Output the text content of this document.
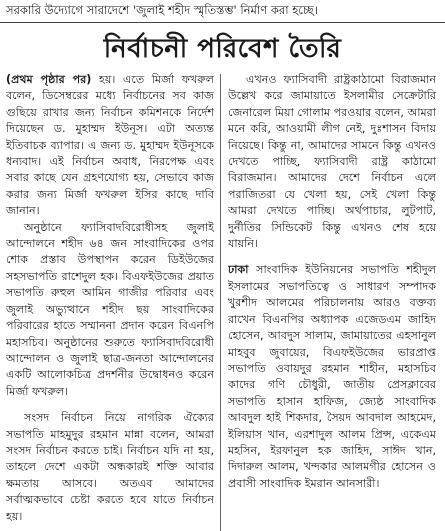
সরকারি উদ্যোগে সারাদেশে 'জুলাই শহীদ স্মৃতিস্তম্ভ' নির্মাণ করা হচ্ছে।
নির্বাচনী পরিবেশ তৈরি

(প্রথম পৃষ্ঠার পর) হয়। এতে মির্জা ফখরুল বলেন, ডিসেম্বরের মধ্যে নির্বাচনের সব কাজ গুছিয়ে রাখার জন্য নির্বাচন কমিশনকে নির্দেশ দিয়েছেন ড. মুহাম্মদ ইউনূস। এটা অত্যন্ত ইতিবাচক ব্যাপার। এ জন্য ড. মুহাম্মদ ইউনূসকে ধন্যবাদ। এই নির্বাচন অবাধ, নিরপেক্ষ এবং সবার কাছে যেন গ্রহণযোগ্য হয়, সেভাবে কাজ করার জন্য মির্জা ফখরুল ইসির কাছে দাবি জানান।

অনুষ্ঠানে ফ্যাসিবাদবিরোধীসহ জুলাই আন্দোলনে শহীদ ৬৪ জন সাংবাদিকের ওপর শোক প্রস্তাব উপস্থাপন করেন ডিইউজের সহসভাপতি রাশেদুল হক। বিএফইউজের প্রয়াত সভাপতি রুহুল আমিন গাজীর পরিবার এবং জুলাই অভ্যুত্থানে শহীদ ছয় সাংবাদিকের পরিবারের হাতে সম্মাননা প্রদান করেন বিএনপি মহাসচিব। অনুষ্ঠানের শুরুতে ফ্যাসিবাদবিরোধী আন্দোলন ও জুলাই ছাত্র-জনতা আন্দোলনের একটি আলোকচিত্র প্রদর্শনীর উদ্বোধনও করেন মির্জা ফখরুল।

সংসদ নির্বাচন নিয়ে নাগরিক ঐক্যের সভাপতি মাহমুদুর রহমান মান্না বলেন, আমরা সংসদ নির্বাচন করতে চাই। নির্বাচন যদি না হয়, তাহলে দেশে একটা অন্ধকারই শক্তি আবার ক্ষমতায় আসবে। অতএব আমাদের সর্বাত্মকভাবে চেষ্টা করতে হবে যাতে নির্বাচন হয়।

এখনও ফ্যাসিবাদী রাষ্ট্রকাঠামো বিরাজমান উল্লেখ করে জামায়াতে ইসলামীর সেক্রেটারি জেনারেল মিয়া গোলাম পরওয়ার বলেন, আমরা মনে করি, আওয়ামী লীগ নেই, দুঃশাসন বিদায় নিয়েছে। কিন্তু না, আমাদের সামনে কিন্তু এখনও দেখতে পাচ্ছি, ফ্যাসিবাদী রাষ্ট্র কাঠামো বিরাজমান। আমাদের দেশে নির্বাচন এলে পরাজিতরা যে খেলা হয়, সেই খেলা কিন্তু আমরা দেখতে পাচ্ছি। অর্থপাচার, লুটপাট, দুর্নীতির সিন্ডিকেট কিন্তু এখনও শেষ হয়ে যায়নি।

ঢাকা সাংবাদিক ইউনিয়নের সভাপতি শহীদুল ইসলামের সভাপতিত্বে ও সাধারণ সম্পাদক খুরশীদ আলমের পরিচালনায় আরও বক্তব্য রাখেন বিএনপির অধ্যাপক এজেডএম জাহিদ হোসেন, আবদুস সালাম, জামায়াতের এহসানুল মাহবুব জুবায়ের, বিএফইউজের ভারপ্রাপ্ত সভাপতি ওবায়দুর রহমান শাহীন, মহাসচিব কাদের গণি চৌধুরী, জাতীয় প্রেসক্লাবের সভাপতি হাসান হাফিজ, জ্যেষ্ঠ সাংবাদিক আবদুল হাই শিকদার, সৈয়দ আবদাল আহমেদ, ইলিয়াস খান, এরশাদুল আলম প্রিন্স, একেএম মহসিন, ইরফানুল হক জাহিদ, সাঈদ খান, দিদারুল আলম, খন্দকার আলমগীর হোসেন ও প্রবাসী সাংবাদিক ইমরান আনসারী।
